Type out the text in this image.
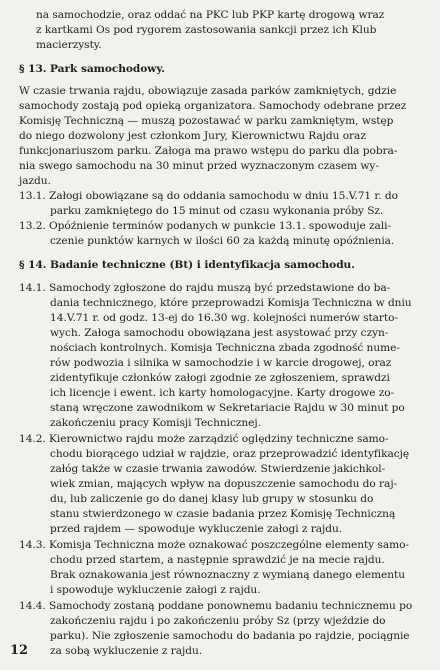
na samochodzie, oraz oddać na PKC lub PKP kartę drogową wraz
z kartkami Os pod rygorem zastosowania sankcji przez ich Klub
macierzysty.
§ 13. Park samochodowy.
W czasie trwania rajdu, obowiązuje zasada parków zamkniętych, gdzie
samochody zostają pod opieką organizatora. Samochody odebrane przez
Komisję Techniczną — muszą pozostawać w parku zamkniętym, wstęp
do niego dozwolony jest członkom Jury, Kierownictwu Rajdu oraz
funkcjonariuszom parku. Załoga ma prawo wstępu do parku dla pobra-
nia swego samochodu na 30 minut przed wyznaczonym czasem wy-
jazdu.
13.1. Załogi obowiązane są do oddania samochodu w dniu 15.V.71 r. do
parku zamkniętego do 15 minut od czasu wykonania próby Sz.
13.2. Opóźnienie terminów podanych w punkcie 13.1. spowoduje zali-
czenie punktów karnych w ilości 60 za każdą minutę opóźnienia.
§ 14. Badanie techniczne (Bt) i identyfikacja samochodu.
14.1. Samochody zgłoszone do rajdu muszą być przedstawione do ba-
dania technicznego, które przeprowadzi Komisja Techniczna w dniu
14.V.71 r. od godz. 13-ej do 16.30 wg. kolejności numerów starto-
wych. Załoga samochodu obowiązana jest asystować przy czyn-
nościach kontrolnych. Komisja Techniczna zbada zgodność nume-
rów podwozia i silnika w samochodzie i w karcie drogowej, oraz
zidentyfikuje członków załogi zgodnie ze zgłoszeniem, sprawdzi
ich licencje i ewent. ich karty homologacyjne. Karty drogowe zo-
staną wręczone zawodnikom w Sekretariacie Rajdu w 30 minut po
zakończeniu pracy Komisji Technicznej.
14.2. Kierownictwo rajdu może zarządzić oględziny techniczne samo-
chodu biorącego udział w rajdzie, oraz przeprowadzić identyfikację
załóg także w czasie trwania zawodów. Stwierdzenie jakichkol-
wiek zmian, mających wpływ na dopuszczenie samochodu do raj-
du, lub zaliczenie go do danej klasy lub grupy w stosunku do
stanu stwierdzonego w czasie badania przez Komisję Techniczną
przed rajdem — spowoduje wykluczenie załogi z rajdu.
14.3. Komisja Techniczna może oznakować poszczególne elementy samo-
chodu przed startem, a następnie sprawdzić je na mecie rajdu.
Brak oznakowania jest równoznaczny z wymianą danego elementu
i spowoduje wykluczenie załogi z rajdu.
14.4. Samochody zostaną poddane ponownemu badaniu technicznemu po
zakończeniu rajdu i po zakończeniu próby Sz (przy wjeździe do
parku). Nie zgłoszenie samochodu do badania po rajdzie, pociągnie
za sobą wykluczenie z rajdu.
12
